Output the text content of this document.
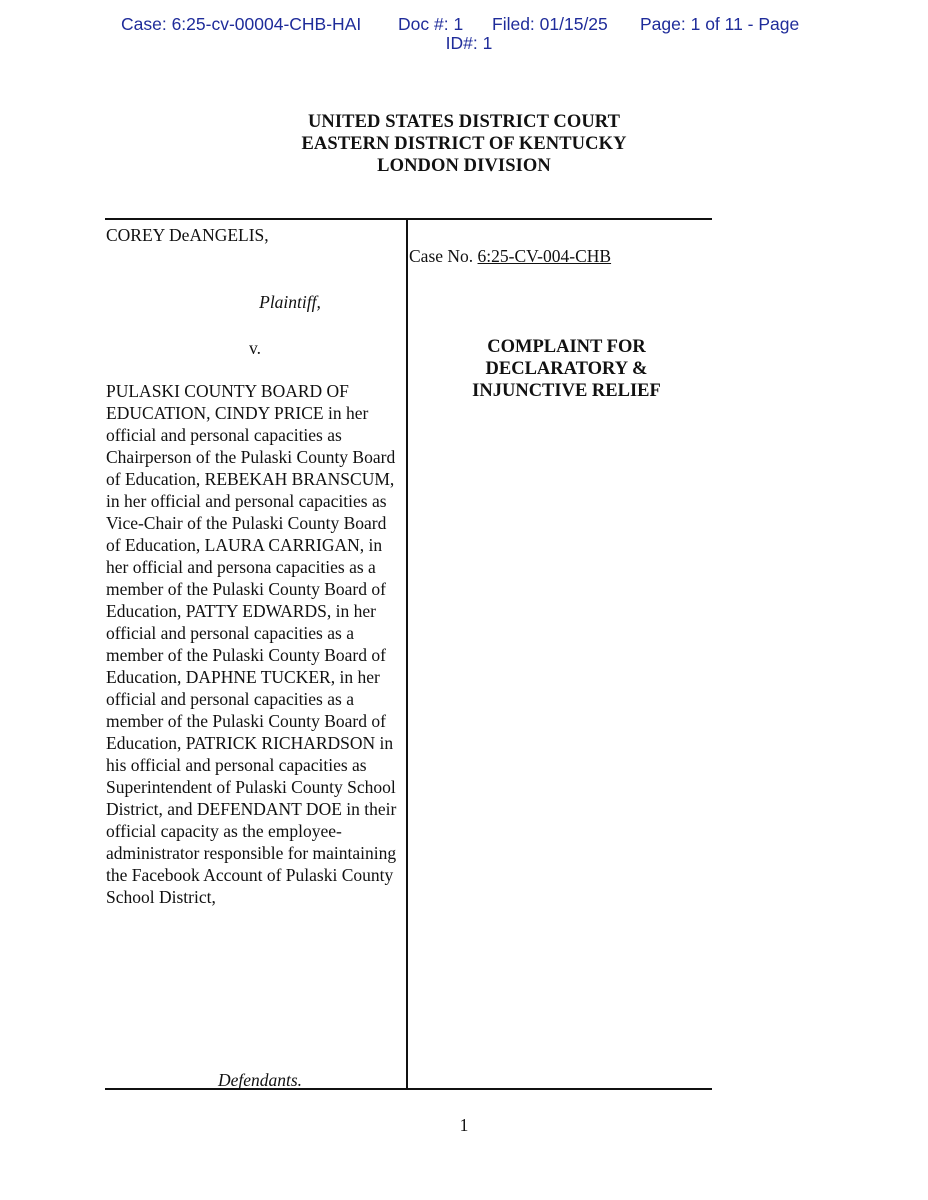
Case: 6:25-cv-00004-CHB-HAI Doc #: 1 Filed: 01/15/25 Page: 1 of 11 - Page
ID#: 1
UNITED STATES DISTRICT COURT
EASTERN DISTRICT OF KENTUCKY
LONDON DIVISION
COREY DeANGELIS,
Plaintiff,
v.
PULASKI COUNTY BOARD OF EDUCATION, CINDY PRICE in her official and personal capacities as Chairperson of the Pulaski County Board of Education, REBEKAH BRANSCUM, in her official and personal capacities as Vice-Chair of the Pulaski County Board of Education, LAURA CARRIGAN, in her official and persona capacities as a member of the Pulaski County Board of Education, PATTY EDWARDS, in her official and personal capacities as a member of the Pulaski County Board of Education, DAPHNE TUCKER, in her official and personal capacities as a member of the Pulaski County Board of Education, PATRICK RICHARDSON in his official and personal capacities as Superintendent of Pulaski County School District, and DEFENDANT DOE in their official capacity as the employee-administrator responsible for maintaining the Facebook Account of Pulaski County School District,
Defendants.
Case No. 6:25-CV-004-CHB
COMPLAINT FOR
DECLARATORY &
INJUNCTIVE RELIEF
1
